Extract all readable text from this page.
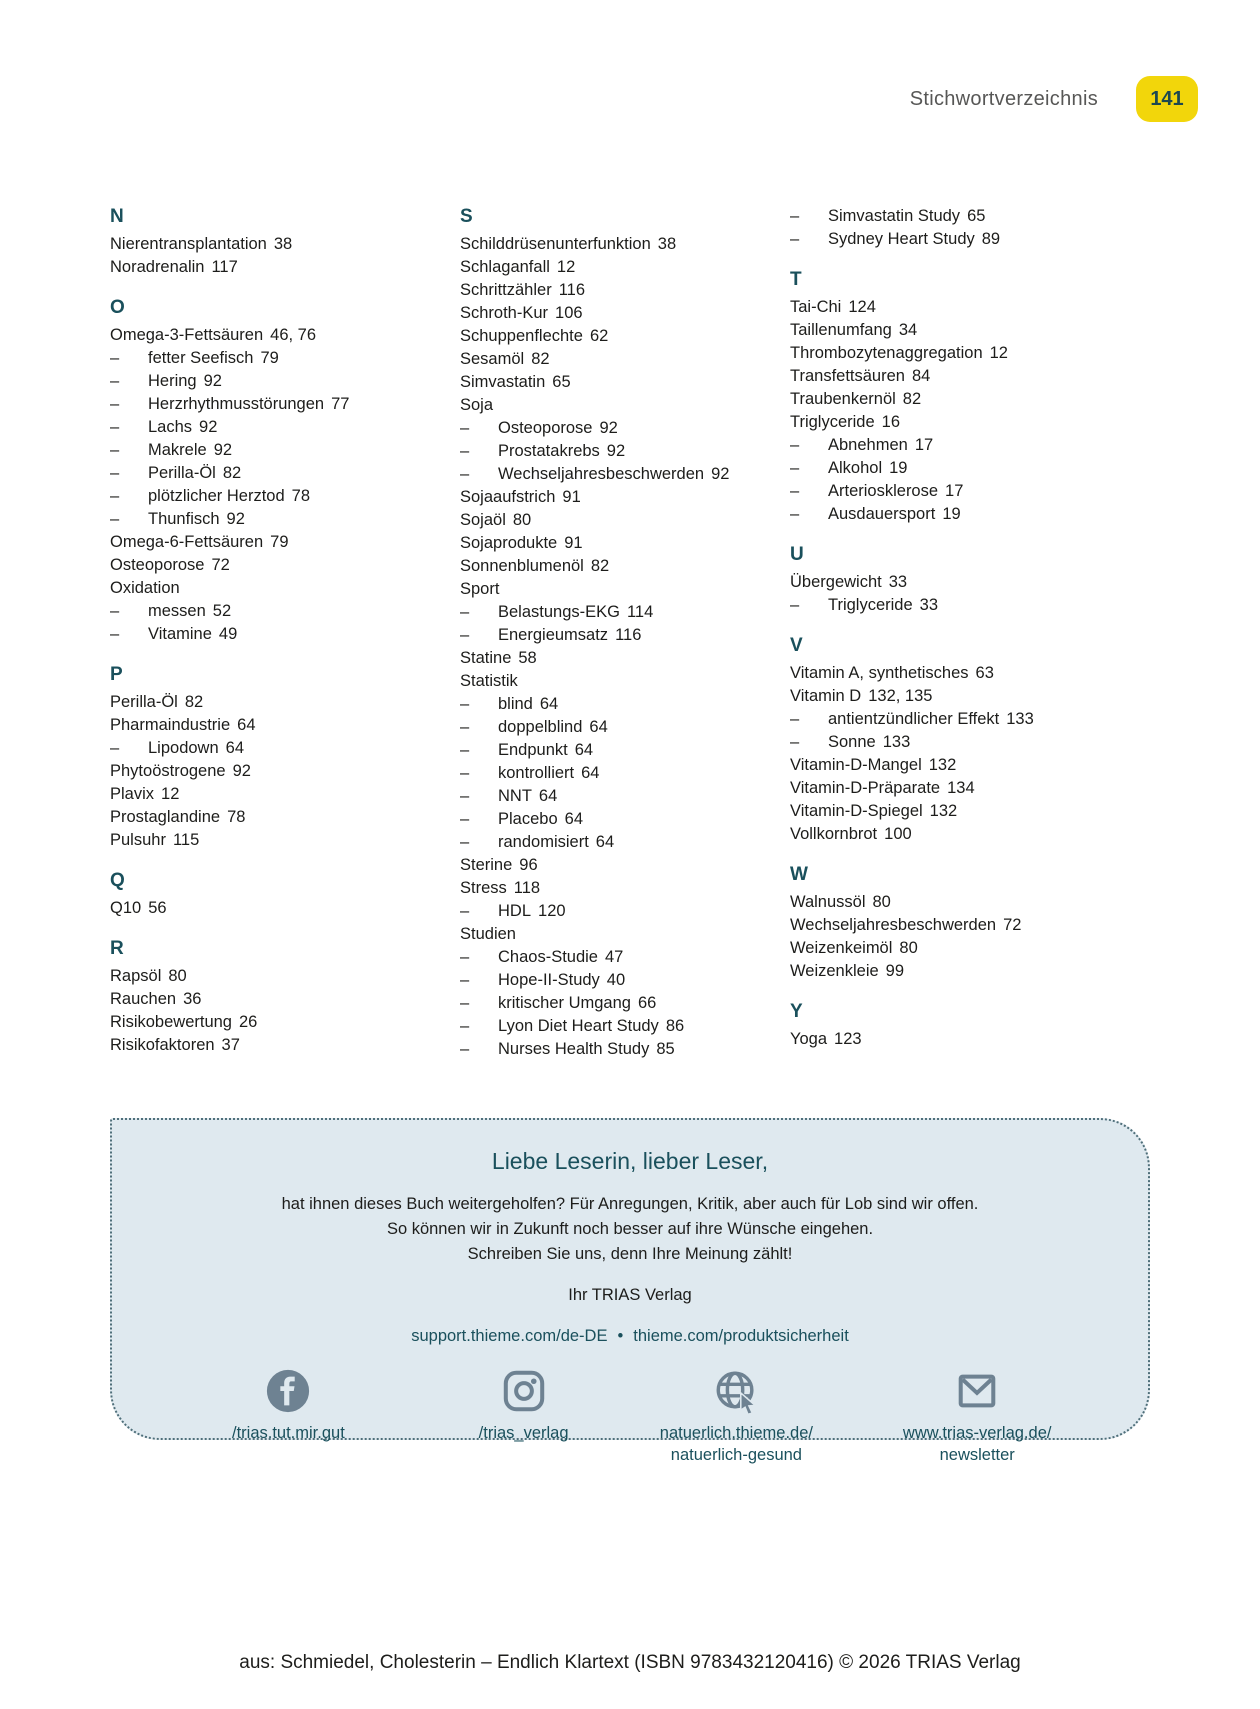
Stichwortverzeichnis	141
N
Nierentransplantation 38
Noradrenalin 117
O
Omega-3-Fettsäuren 46, 76
– fetter Seefisch 79
– Hering 92
– Herzrhythmusstörungen 77
– Lachs 92
– Makrele 92
– Perilla-Öl 82
– plötzlicher Herztod 78
– Thunfisch 92
Omega-6-Fettsäuren 79
Osteoporose 72
Oxidation
– messen 52
– Vitamine 49
P
Perilla-Öl 82
Pharmaindustrie 64
– Lipodown 64
Phytoöstrogene 92
Plavix 12
Prostaglandine 78
Pulsuhr 115
Q
Q10 56
R
Rapsöl 80
Rauchen 36
Risikobewertung 26
Risikofaktoren 37
S
Schilddrüsenunterfunktion 38
Schlaganfall 12
Schrittzähler 116
Schroth-Kur 106
Schuppenflechte 62
Sesamöl 82
Simvastatin 65
Soja
– Osteoporose 92
– Prostatakrebs 92
– Wechseljahresbeschwerden 92
Sojaaufstrich 91
Sojaöl 80
Sojaprodukte 91
Sonnenblumenöl 82
Sport
– Belastungs-EKG 114
– Energieumsatz 116
Statine 58
Statistik
– blind 64
– doppelblind 64
– Endpunkt 64
– kontrolliert 64
– NNT 64
– Placebo 64
– randomisiert 64
Sterine 96
Stress 118
– HDL 120
Studien
– Chaos-Studie 47
– Hope-II-Study 40
– kritischer Umgang 66
– Lyon Diet Heart Study 86
– Nurses Health Study 85
– Simvastatin Study 65
– Sydney Heart Study 89
T
Tai-Chi 124
Taillenumfang 34
Thrombozytenaggregation 12
Transfettsäuren 84
Traubenkernöl 82
Triglyceride 16
– Abnehmen 17
– Alkohol 19
– Arteriosklerose 17
– Ausdauersport 19
U
Übergewicht 33
– Triglyceride 33
V
Vitamin A, synthetisches 63
Vitamin D 132, 135
– antientzündlicher Effekt 133
– Sonne 133
Vitamin-D-Mangel 132
Vitamin-D-Präparate 134
Vitamin-D-Spiegel 132
Vollkornbrot 100
W
Walnussöl 80
Wechseljahresbeschwerden 72
Weizenkeimöl 80
Weizenkleie 99
Y
Yoga 123
Liebe Leserin, lieber Leser,
hat ihnen dieses Buch weitergeholfen? Für Anregungen, Kritik, aber auch für Lob sind wir offen.
So können wir in Zukunft noch besser auf ihre Wünsche eingehen.
Schreiben Sie uns, denn Ihre Meinung zählt!
Ihr TRIAS Verlag
support.thieme.com/de-DE • thieme.com/produktsicherheit
/trias.tut.mir.gut	/trias_verlag	natuerlich.thieme.de/
natuerlich-gesund
www.trias-verlag.de/
newsletter
aus: Schmiedel, Cholesterin – Endlich Klartext (ISBN 9783432120416) © 2026 TRIAS Verlag
